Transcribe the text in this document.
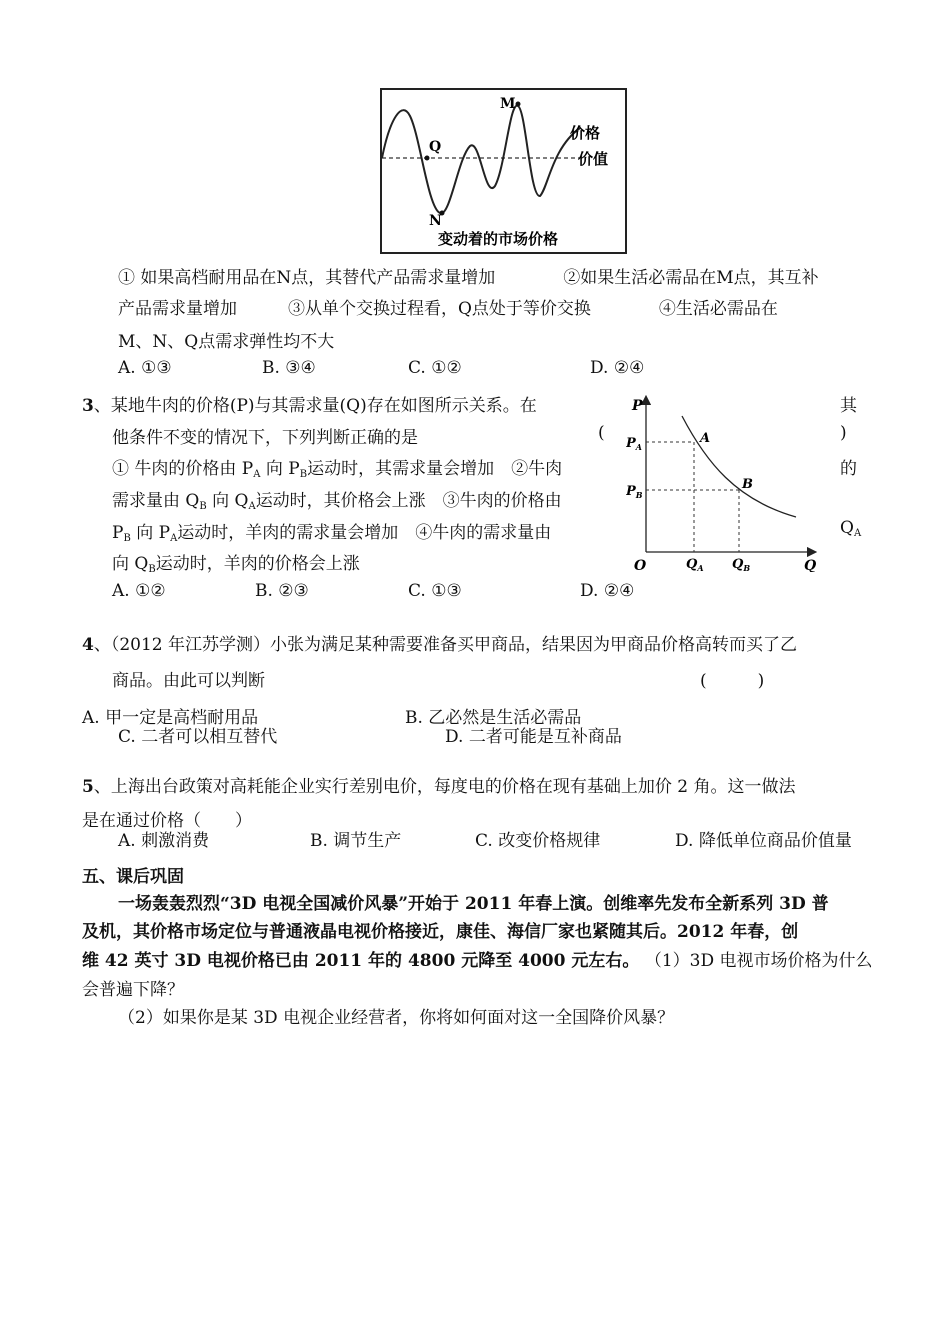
M
Q
N
价格
价值
变动着的市场价格
① 如果高档耐用品在N点，其替代产品需求量增加　　　　②如果生活必需品在M点，其互补
产品需求量增加　　　③从单个交换过程看，Q点处于等价交换　　　　④生活必需品在
M、N、Q点需求弹性均不大
A. ①③	B. ③④	C. ①②	D. ②④
3、某地牛肉的价格(P)与其需求量(Q)存在如图所示关系。在	其
他条件不变的情况下，下列判断正确的是	(	)
① 牛肉的价格由 $P_A$ 向 $P_B$运动时，其需求量会增加　②牛肉	的
需求量由 $Q_B$ 向 $Q_A$运动时，其价格会上涨　③牛肉的价格由
$P_B$ 向 $P_A$运动时，羊肉的需求量会增加　④牛肉的需求量由	$Q_A$
向 $Q_B$运动时，羊肉的价格会上涨
A. ①②	B. ②③	C. ①③	D. ②④
P
Q
O
$P_A$
$P_B$
$Q_A$ $Q_B$
A
B
4、（2012 年江苏学测）小张为满足某种需要准备买甲商品，结果因为甲商品价格高转而买了乙
商品。由此可以判断	(　　　)
A. 甲一定是高档耐用品	B. 乙必然是生活必需品
C. 二者可以相互替代	D. 二者可能是互补商品
5、上海出台政策对高耗能企业实行差别电价，每度电的价格在现有基础上加价 2 角。这一做法
是在通过价格（　　）
A. 刺激消费	B. 调节生产	C. 改变价格规律	D. 降低单位商品价值量
五、课后巩固
一场轰轰烈烈“3D 电视全国减价风暴”开始于 2011 年春上演。创维率先发布全新系列 3D 普
及机，其价格市场定位与普通液晶电视价格接近，康佳、海信厂家也紧随其后。2012 年春，创
维 42 英寸 3D 电视价格已由 2011 年的 4800 元降至 4000 元左右。 （1）3D 电视市场价格为什么
会普遍下降？
（2）如果你是某 3D 电视企业经营者，你将如何面对这一全国降价风暴？
